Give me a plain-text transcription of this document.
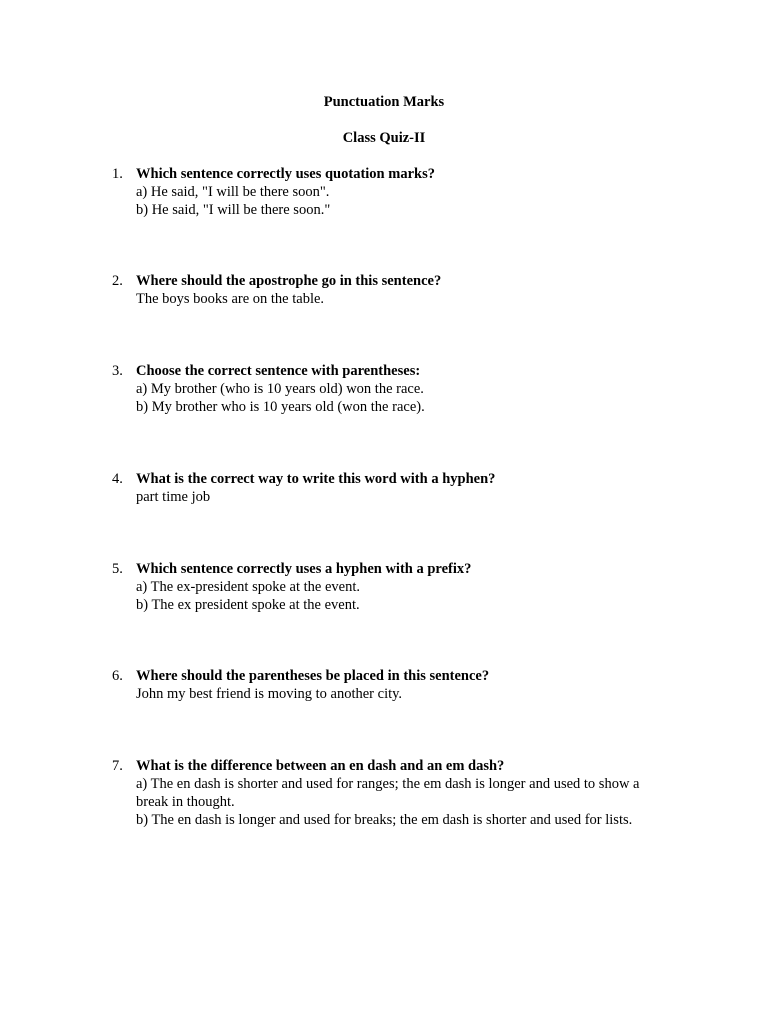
Punctuation Marks
Class Quiz-II
1. Which sentence correctly uses quotation marks?
a) He said, "I will be there soon".
b) He said, "I will be there soon."
2. Where should the apostrophe go in this sentence?
The boys books are on the table.
3. Choose the correct sentence with parentheses:
a) My brother (who is 10 years old) won the race.
b) My brother who is 10 years old (won the race).
4. What is the correct way to write this word with a hyphen?
part time job
5. Which sentence correctly uses a hyphen with a prefix?
a) The ex-president spoke at the event.
b) The ex president spoke at the event.
6. Where should the parentheses be placed in this sentence?
John my best friend is moving to another city.
7. What is the difference between an en dash and an em dash?
a) The en dash is shorter and used for ranges; the em dash is longer and used to show a break in thought.
b) The en dash is longer and used for breaks; the em dash is shorter and used for lists.
